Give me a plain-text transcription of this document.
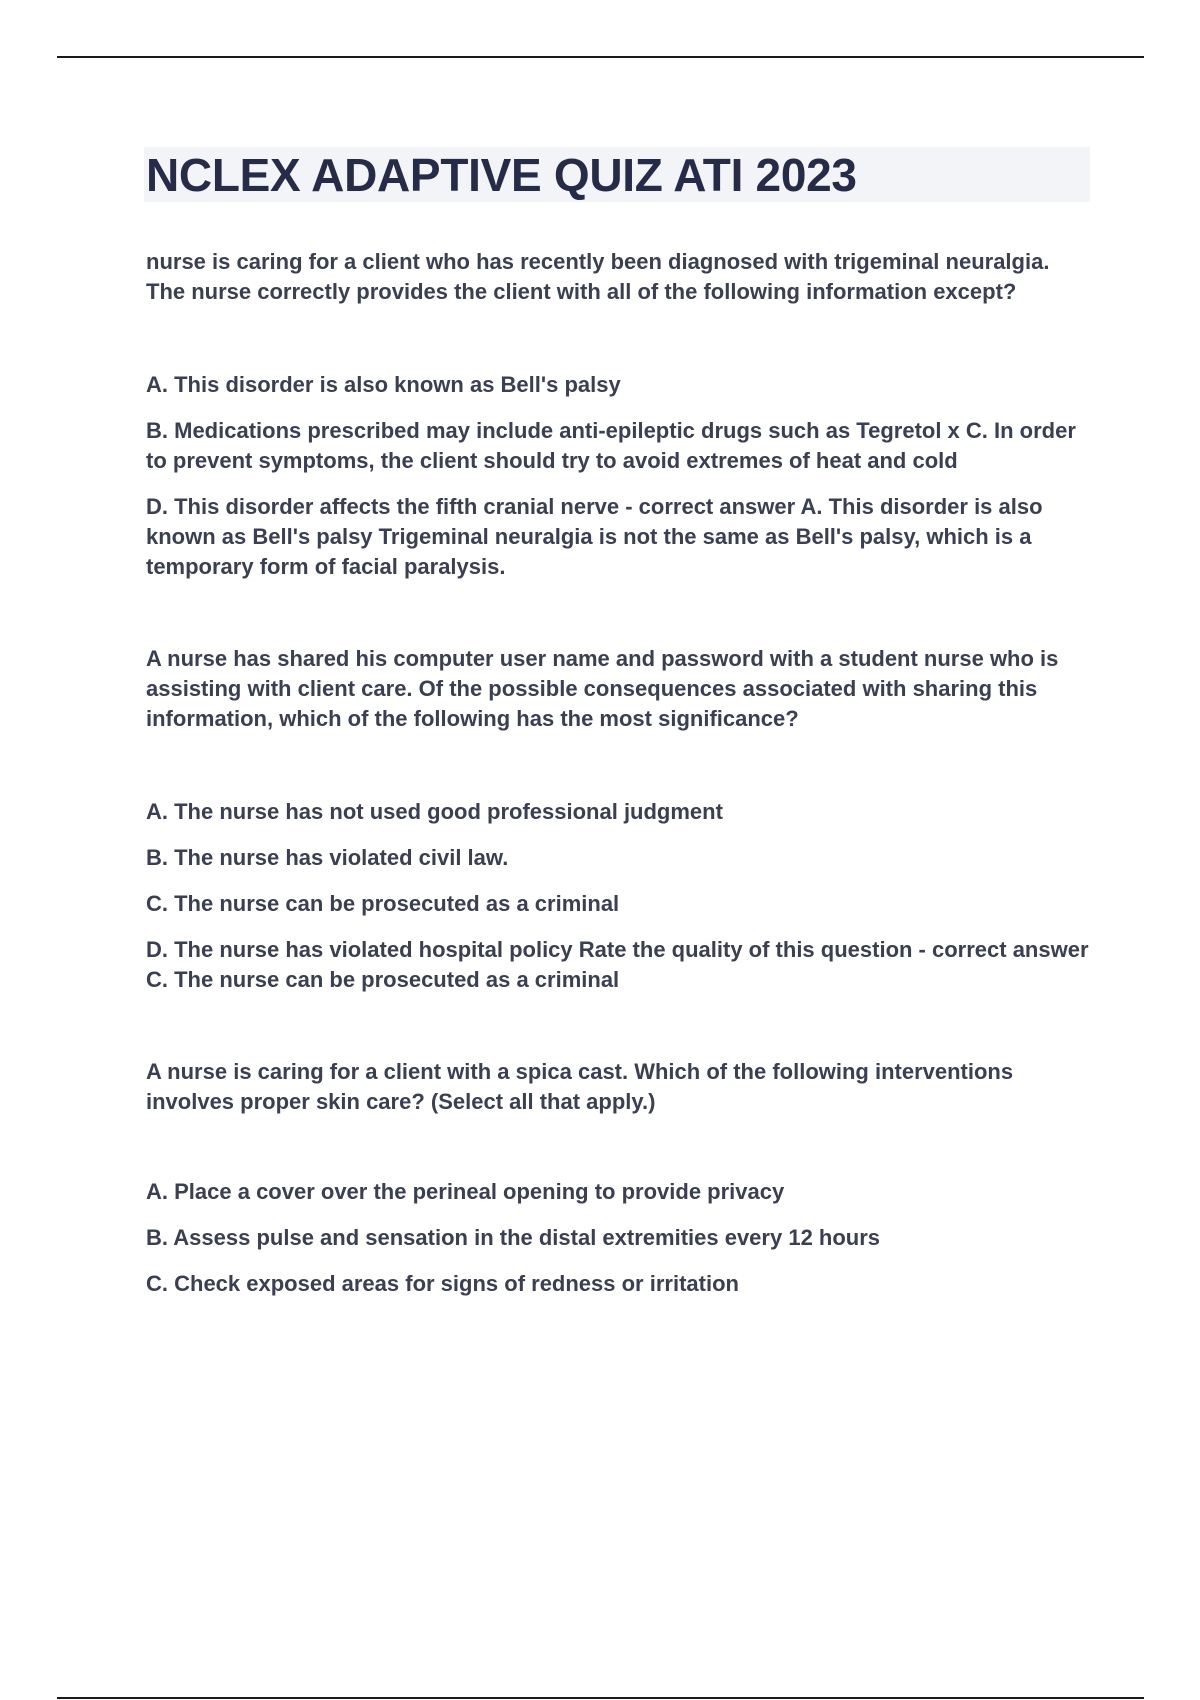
NCLEX ADAPTIVE QUIZ ATI 2023

nurse is caring for a client who has recently been diagnosed with trigeminal neuralgia. The nurse correctly provides the client with all of the following information except?

A. This disorder is also known as Bell's palsy

B. Medications prescribed may include anti-epileptic drugs such as Tegretol x C. In order to prevent symptoms, the client should try to avoid extremes of heat and cold

D. This disorder affects the fifth cranial nerve - correct answer A. This disorder is also known as Bell's palsy Trigeminal neuralgia is not the same as Bell's palsy, which is a temporary form of facial paralysis.

A nurse has shared his computer user name and password with a student nurse who is assisting with client care. Of the possible consequences associated with sharing this information, which of the following has the most significance?

A. The nurse has not used good professional judgment

B. The nurse has violated civil law.

C. The nurse can be prosecuted as a criminal

D. The nurse has violated hospital policy Rate the quality of this question - correct answer C. The nurse can be prosecuted as a criminal

A nurse is caring for a client with a spica cast. Which of the following interventions involves proper skin care? (Select all that apply.)

A. Place a cover over the perineal opening to provide privacy

B. Assess pulse and sensation in the distal extremities every 12 hours

C. Check exposed areas for signs of redness or irritation
